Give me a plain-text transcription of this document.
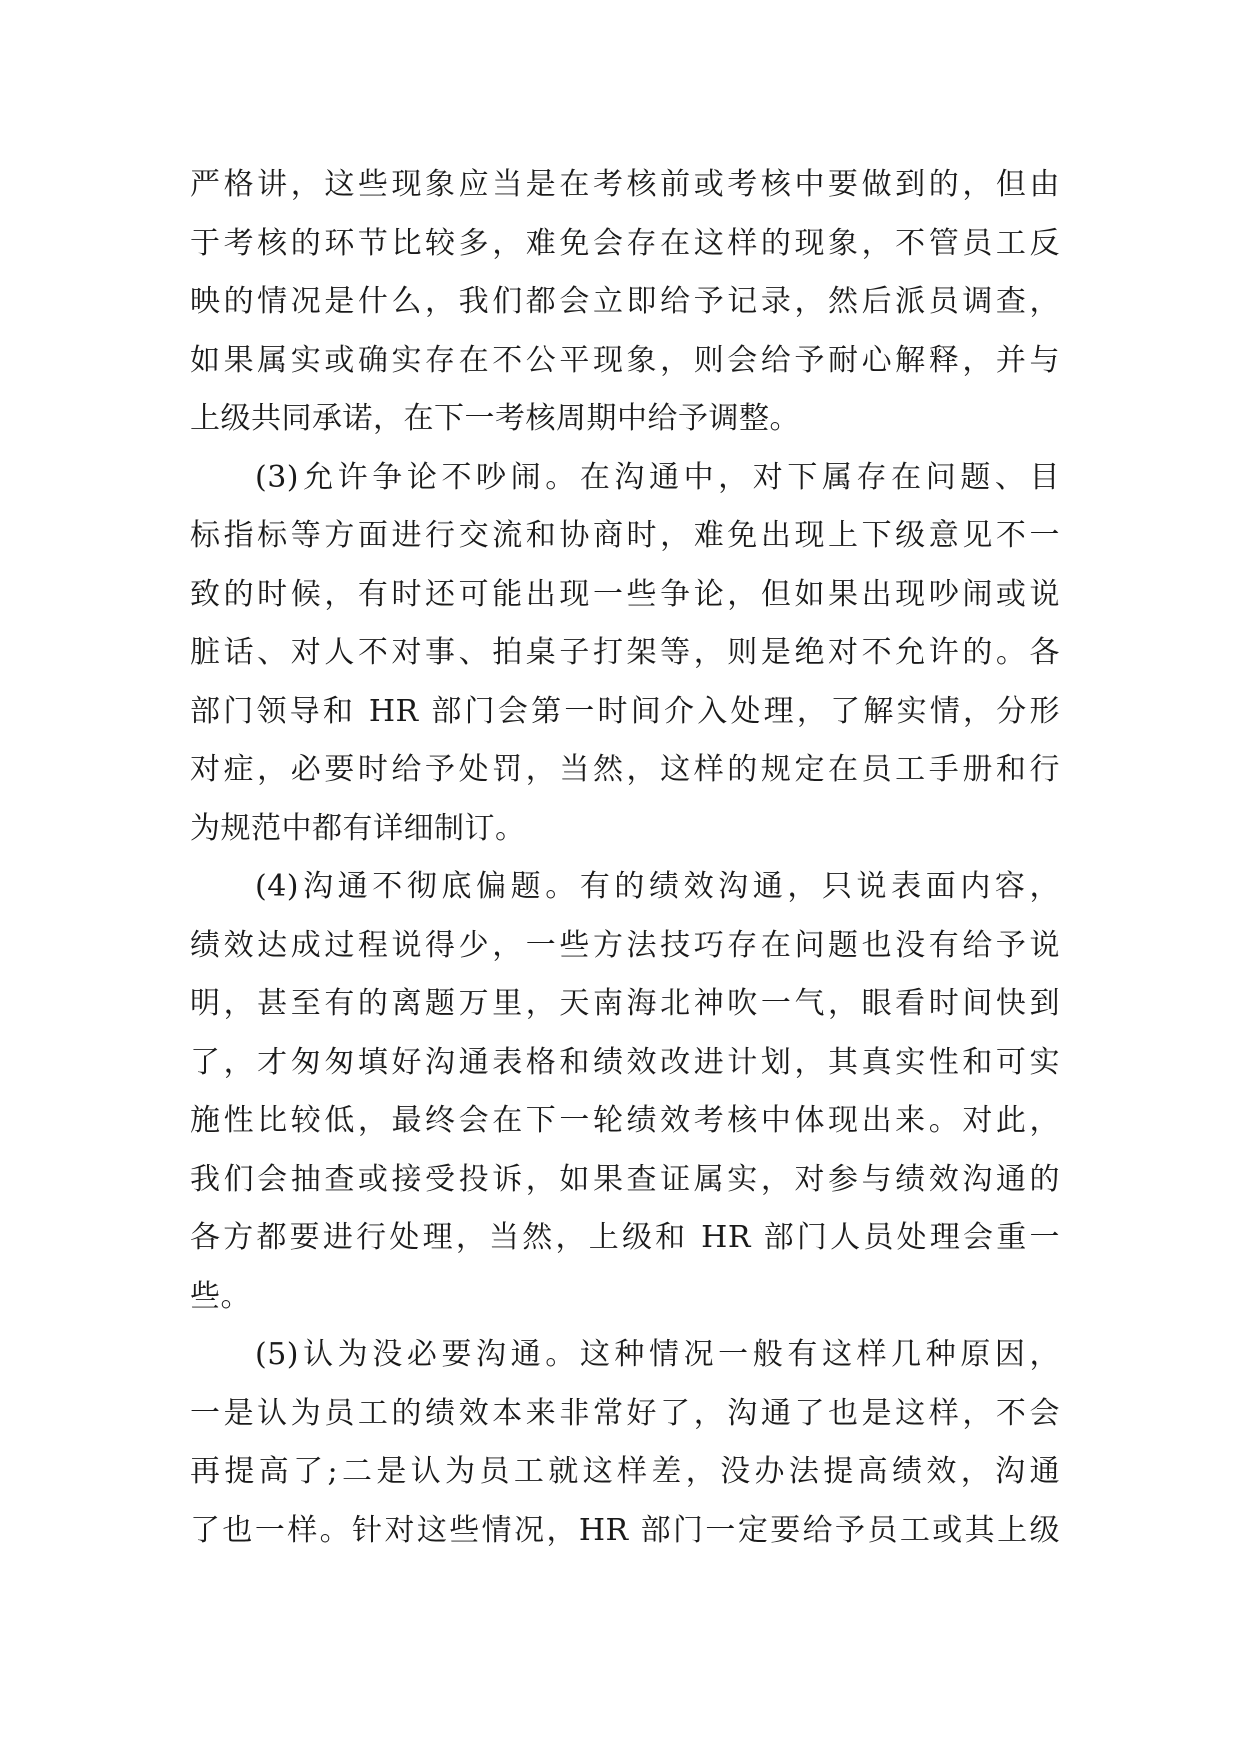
严格讲，这些现象应当是在考核前或考核中要做到的，但由
于考核的环节比较多，难免会存在这样的现象，不管员工反
映的情况是什么，我们都会立即给予记录，然后派员调查，
如果属实或确实存在不公平现象，则会给予耐心解释，并与
上级共同承诺，在下一考核周期中给予调整。
(3)允许争论不吵闹。在沟通中，对下属存在问题、目
标指标等方面进行交流和协商时，难免出现上下级意见不一
致的时候，有时还可能出现一些争论，但如果出现吵闹或说
脏话、对人不对事、拍桌子打架等，则是绝对不允许的。各
部门领导和 HR 部门会第一时间介入处理，了解实情，分形
对症，必要时给予处罚，当然，这样的规定在员工手册和行
为规范中都有详细制订。
(4)沟通不彻底偏题。有的绩效沟通，只说表面内容，
绩效达成过程说得少，一些方法技巧存在问题也没有给予说
明，甚至有的离题万里，天南海北神吹一气，眼看时间快到
了，才匆匆填好沟通表格和绩效改进计划，其真实性和可实
施性比较低，最终会在下一轮绩效考核中体现出来。对此，
我们会抽查或接受投诉，如果查证属实，对参与绩效沟通的
各方都要进行处理，当然，上级和 HR 部门人员处理会重一
些。
(5)认为没必要沟通。这种情况一般有这样几种原因，
一是认为员工的绩效本来非常好了，沟通了也是这样，不会
再提高了;二是认为员工就这样差，没办法提高绩效，沟通
了也一样。针对这些情况，HR 部门一定要给予员工或其上级
